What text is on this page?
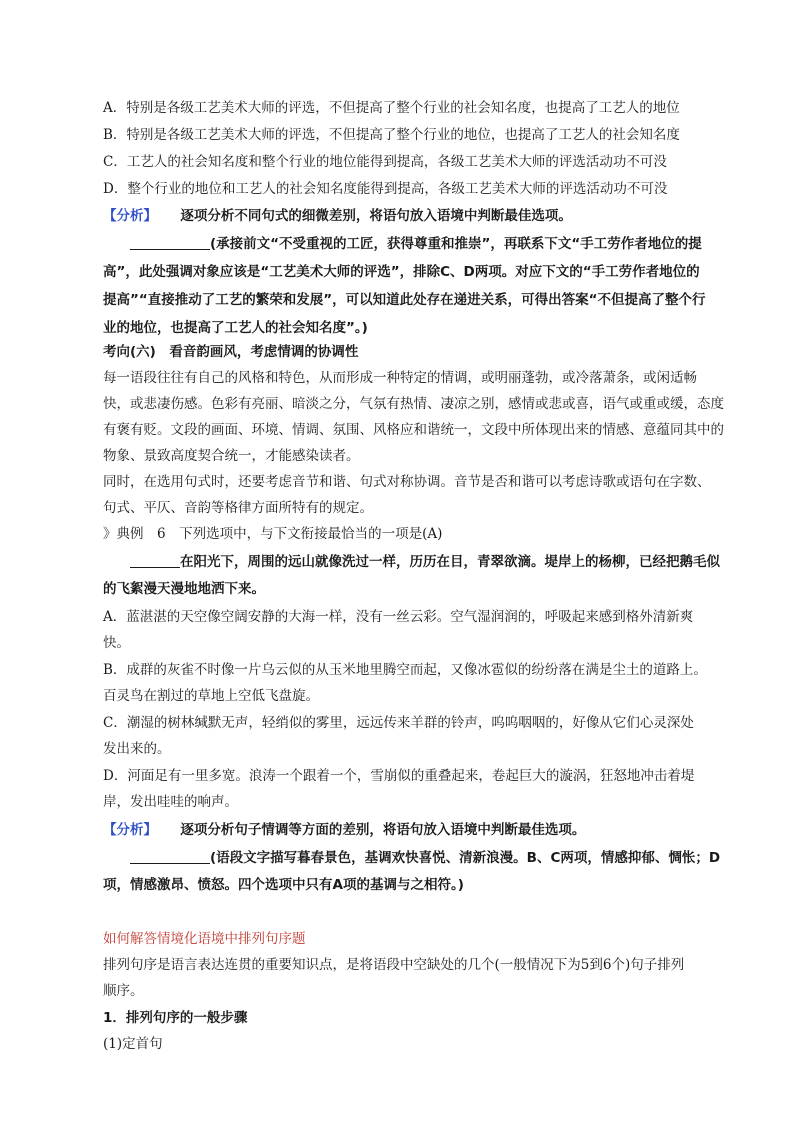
A．特别是各级工艺美术大师的评选，不但提高了整个行业的社会知名度，也提高了工艺人的地位
B．特别是各级工艺美术大师的评选，不但提高了整个行业的地位，也提高了工艺人的社会知名度
C．工艺人的社会知名度和整个行业的地位能得到提高，各级工艺美术大师的评选活动功不可没
D．整个行业的地位和工艺人的社会知名度能得到提高，各级工艺美术大师的评选活动功不可没
【分析】 逐项分析不同句式的细微差别，将语句放入语境中判断最佳选项。
(承接前文“不受重视的工匠，获得尊重和推崇”，再联系下文“手工劳作者地位的提
高”，此处强调对象应该是“工艺美术大师的评选”，排除C、D两项。对应下文的“手工劳作者地位的
提高”“直接推动了工艺的繁荣和发展”，可以知道此处存在递进关系，可得出答案“不但提高了整个行
业的地位，也提高了工艺人的社会知名度”。)
考向(六)　看音韵画风，考虑情调的协调性
每一语段往往有自己的风格和特色，从而形成一种特定的情调，或明丽蓬勃，或冷落萧条，或闲适畅
快，或悲凄伤感。色彩有亮丽、暗淡之分，气氛有热情、凄凉之别，感情或悲或喜，语气或重或缓，态度
有褒有贬。文段的画面、环境、情调、氛围、风格应和谐统一，文段中所体现出来的情感、意蕴同其中的
物象、景致高度契合统一，才能感染读者。
同时，在选用句式时，还要考虑音节和谐、句式对称协调。音节是否和谐可以考虑诗歌或语句在字数、
句式、平仄、音韵等格律方面所特有的规定。
》典例　6　下列选项中，与下文衔接最恰当的一项是(A)
在阳光下，周围的远山就像洗过一样，历历在目，青翠欲滴。堤岸上的杨柳，已经把鹅毛似
的飞絮漫天漫地地洒下来。
A．蓝湛湛的天空像空阔安静的大海一样，没有一丝云彩。空气湿润润的，呼吸起来感到格外清新爽
快。
B．成群的灰雀不时像一片乌云似的从玉米地里腾空而起，又像冰雹似的纷纷落在满是尘土的道路上。
百灵鸟在割过的草地上空低飞盘旋。
C．潮湿的树林缄默无声，轻绡似的雾里，远远传来羊群的铃声，呜呜咽咽的，好像从它们心灵深处
发出来的。
D．河面足有一里多宽。浪涛一个跟着一个，雪崩似的重叠起来，卷起巨大的漩涡，狂怒地冲击着堤
岸，发出哇哇的响声。
【分析】 逐项分析句子情调等方面的差别，将语句放入语境中判断最佳选项。
(语段文字描写暮春景色，基调欢快喜悦、清新浪漫。B、C两项，情感抑郁、惆怅；D
项，情感激昂、愤怒。四个选项中只有A项的基调与之相符。)
如何解答情境化语境中排列句序题
排列句序是语言表达连贯的重要知识点，是将语段中空缺处的几个(一般情况下为5到6个)句子排列
顺序。
1．排列句序的一般步骤
(1)定首句
